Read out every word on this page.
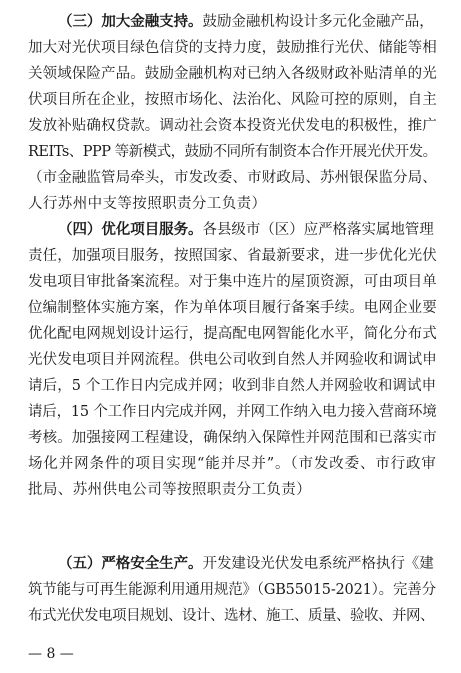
（三）加大金融支持。鼓励金融机构设计多元化金融产品，
加大对光伏项目绿色信贷的支持力度，鼓励推行光伏、储能等相
关领域保险产品。鼓励金融机构对已纳入各级财政补贴清单的光
伏项目所在企业，按照市场化、法治化、风险可控的原则，自主
发放补贴确权贷款。调动社会资本投资光伏发电的积极性，推广
REITs、PPP 等新模式，鼓励不同所有制资本合作开展光伏开发。
（市金融监管局牵头，市发改委、市财政局、苏州银保监分局、
人行苏州中支等按照职责分工负责）
（四）优化项目服务。各县级市（区）应严格落实属地管理
责任，加强项目服务，按照国家、省最新要求，进一步优化光伏
发电项目审批备案流程。对于集中连片的屋顶资源，可由项目单
位编制整体实施方案，作为单体项目履行备案手续。电网企业要
优化配电网规划设计运行，提高配电网智能化水平，简化分布式
光伏发电项目并网流程。供电公司收到自然人并网验收和调试申
请后，5 个工作日内完成并网；收到非自然人并网验收和调试申
请后，15 个工作日内完成并网，并网工作纳入电力接入营商环境
考核。加强接网工程建设，确保纳入保障性并网范围和已落实市
场化并网条件的项目实现“能并尽并”。（市发改委、市行政审
批局、苏州供电公司等按照职责分工负责）
（五）严格安全生产。开发建设光伏发电系统严格执行《建
筑节能与可再生能源利用通用规范》（GB55015-2021）。完善分
布式光伏发电项目规划、设计、选材、施工、质量、验收、并网、
— 8 —
